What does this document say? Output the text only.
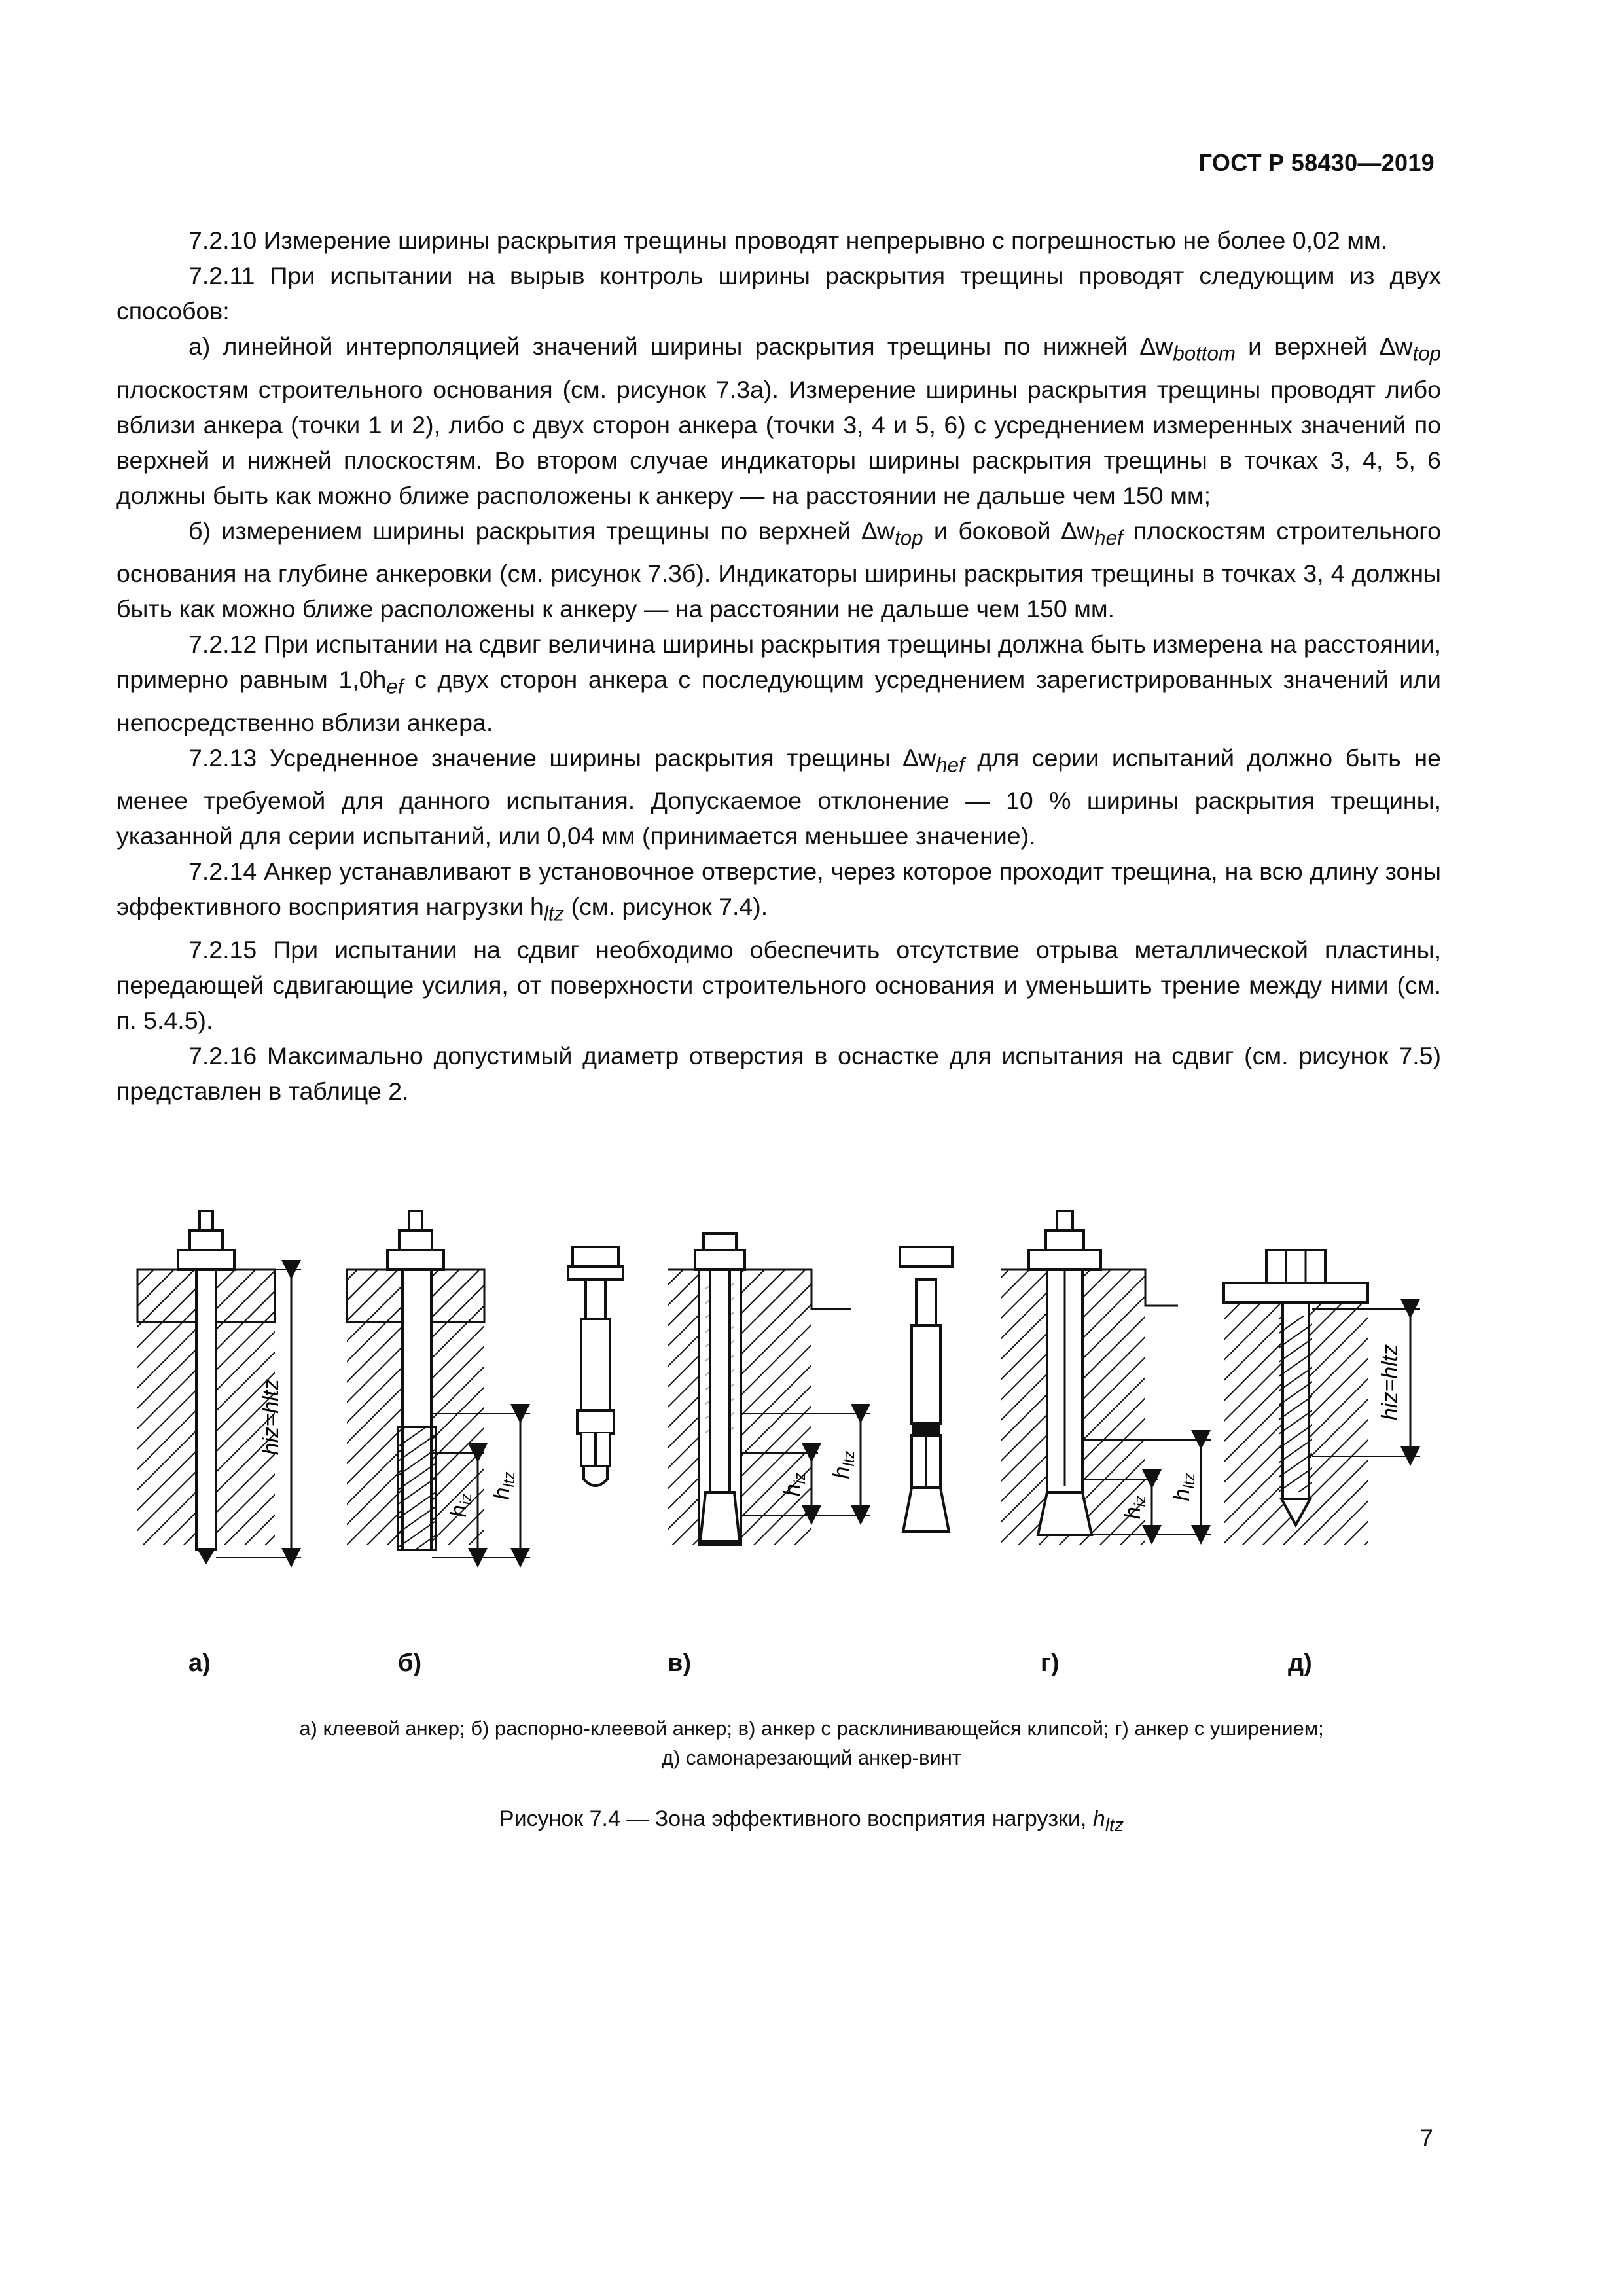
ГОСТ Р 58430—2019

7.2.10 Измерение ширины раскрытия трещины проводят непрерывно с погрешностью не более 0,02 мм.

7.2.11 При испытании на вырыв контроль ширины раскрытия трещины проводят следующим из двух способов:

а) линейной интерполяцией значений ширины раскрытия трещины по нижней $\Delta w_{bottom}$ и верхней $\Delta w_{top}$ плоскостям строительного основания (см. рисунок 7.3а). Измерение ширины раскрытия трещины проводят либо вблизи анкера (точки 1 и 2), либо с двух сторон анкера (точки 3, 4 и 5, 6) с усреднением измеренных значений по верхней и нижней плоскостям. Во втором случае индикаторы ширины раскрытия трещины в точках 3, 4, 5, 6 должны быть как можно ближе расположены к анкеру — на расстоянии не дальше чем 150 мм;

б) измерением ширины раскрытия трещины по верхней $\Delta w_{top}$ и боковой $\Delta w_{hef}$ плоскостям строительного основания на глубине анкеровки (см. рисунок 7.3б). Индикаторы ширины раскрытия трещины в точках 3, 4 должны быть как можно ближе расположены к анкеру — на расстоянии не дальше чем 150 мм.

7.2.12 При испытании на сдвиг величина ширины раскрытия трещины должна быть измерена на расстоянии, примерно равным $1,0h_{ef}$ с двух сторон анкера с последующим усреднением зарегистрированных значений или непосредственно вблизи анкера.

7.2.13 Усредненное значение ширины раскрытия трещины $\Delta w_{hef}$ для серии испытаний должно быть не менее требуемой для данного испытания. Допускаемое отклонение — 10 % ширины раскрытия трещины, указанной для серии испытаний, или 0,04 мм (принимается меньшее значение).

7.2.14 Анкер устанавливают в установочное отверстие, через которое проходит трещина, на всю длину зоны эффективного восприятия нагрузки $h_{ltz}$ (см. рисунок 7.4).

7.2.15 При испытании на сдвиг необходимо обеспечить отсутствие отрыва металлической пластины, передающей сдвигающие усилия, от поверхности строительного основания и уменьшить трение между ними (см. п. 5.4.5).

7.2.16 Максимально допустимый диаметр отверстия в оснастке для испытания на сдвиг (см. рисунок 7.5) представлен в таблице 2.

hiz=hltz
$h_{iz}$ $h_{ltz}$
$h_{iz}$ $h_{ltz}$
$h_{iz}$
$h_{ltz}$
hiz=hltz
а)	б)	в)	г)	д)
а) клеевой анкер; б) распорно-клеевой анкер; в) анкер с расклинивающейся клипсой; г) анкер с уширением;
д) самонарезающий анкер-винт
Рисунок 7.4 — Зона эффективного восприятия нагрузки, $h_{ltz}$
7
